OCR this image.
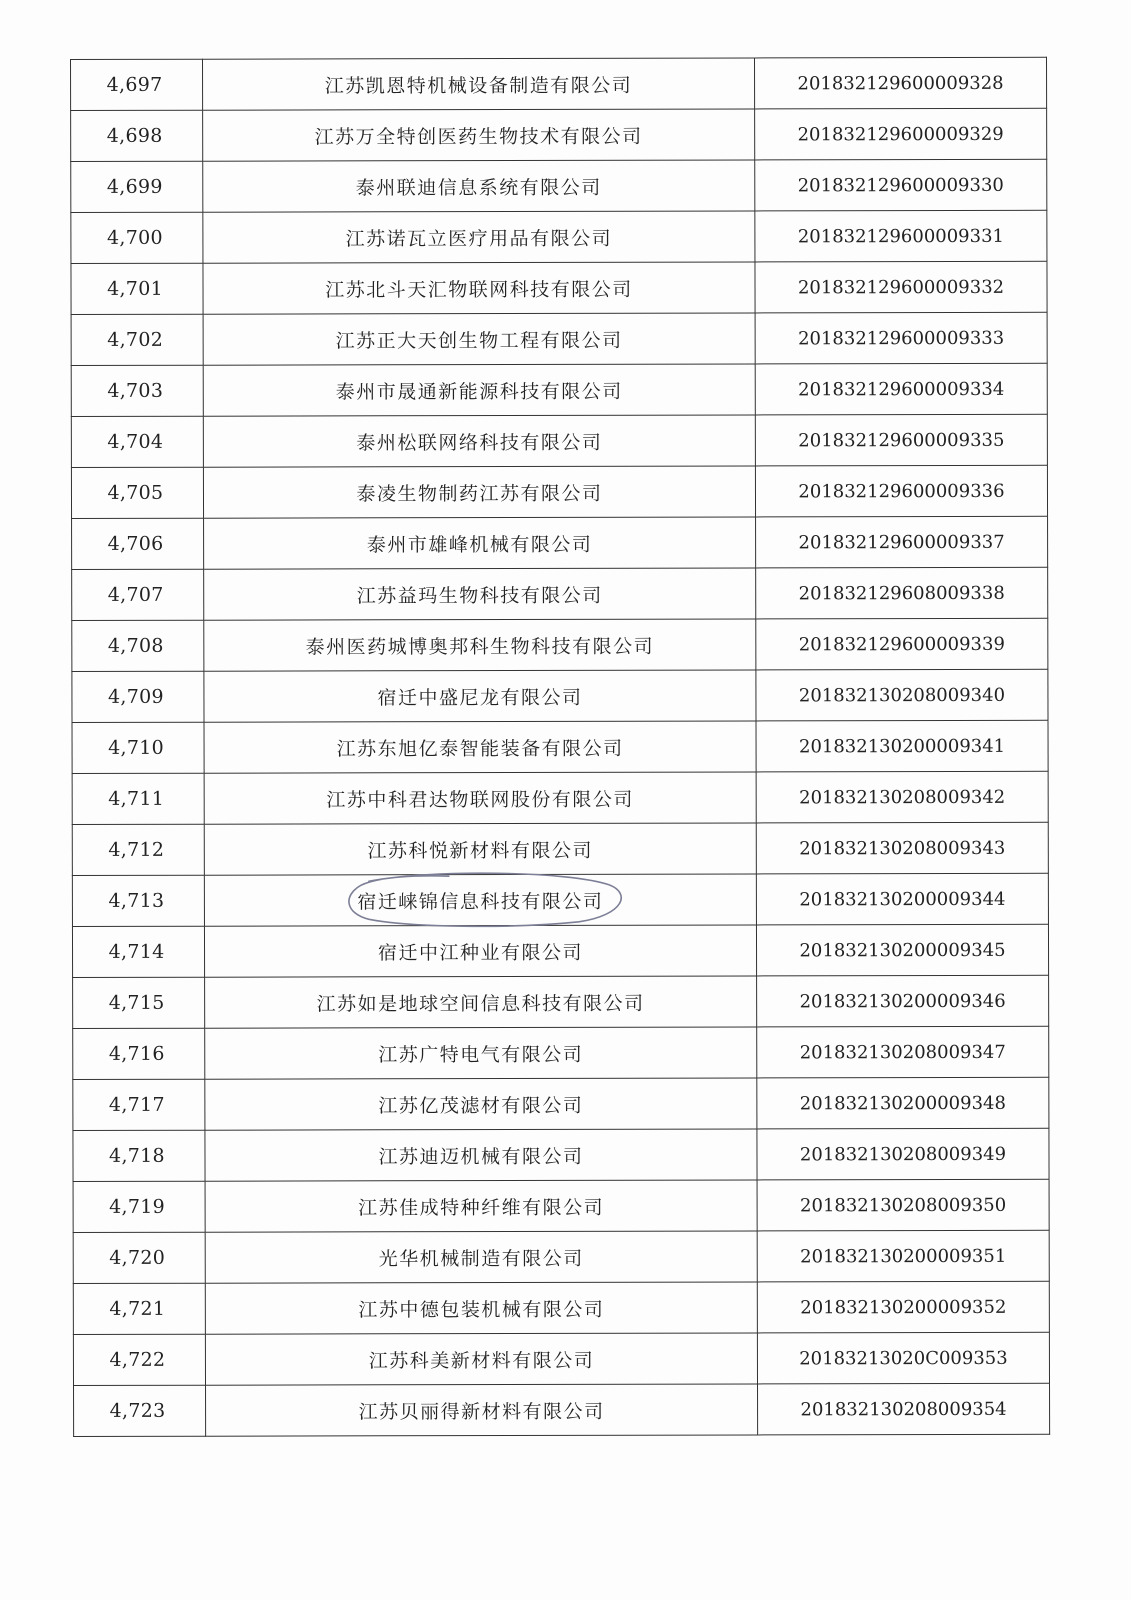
4,697	江苏凯恩特机械设备制造有限公司	201832129600009328
4,698	江苏万全特创医药生物技术有限公司	201832129600009329
4,699	泰州联迪信息系统有限公司	201832129600009330
4,700	江苏诺瓦立医疗用品有限公司	201832129600009331
4,701	江苏北斗天汇物联网科技有限公司	201832129600009332
4,702	江苏正大天创生物工程有限公司	201832129600009333
4,703	泰州市晟通新能源科技有限公司	201832129600009334
4,704	泰州松联网络科技有限公司	201832129600009335
4,705	泰凌生物制药江苏有限公司	201832129600009336
4,706	泰州市雄峰机械有限公司	201832129600009337
4,707	江苏益玛生物科技有限公司	201832129608009338
4,708	泰州医药城博奥邦科生物科技有限公司	201832129600009339
4,709	宿迁中盛尼龙有限公司	201832130208009340
4,710	江苏东旭亿泰智能装备有限公司	201832130200009341
4,711	江苏中科君达物联网股份有限公司	201832130208009342
4,712	江苏科悦新材料有限公司	201832130208009343
4,713	宿迁崃锦信息科技有限公司	201832130200009344
4,714	宿迁中江种业有限公司	201832130200009345
4,715	江苏如是地球空间信息科技有限公司	201832130200009346
4,716	江苏广特电气有限公司	201832130208009347
4,717	江苏亿茂滤材有限公司	201832130200009348
4,718	江苏迪迈机械有限公司	201832130208009349
4,719	江苏佳成特种纤维有限公司	201832130208009350
4,720	光华机械制造有限公司	201832130200009351
4,721	江苏中德包装机械有限公司	201832130200009352
4,722	江苏科美新材料有限公司	20183213020C009353
4,723	江苏贝丽得新材料有限公司	201832130208009354
